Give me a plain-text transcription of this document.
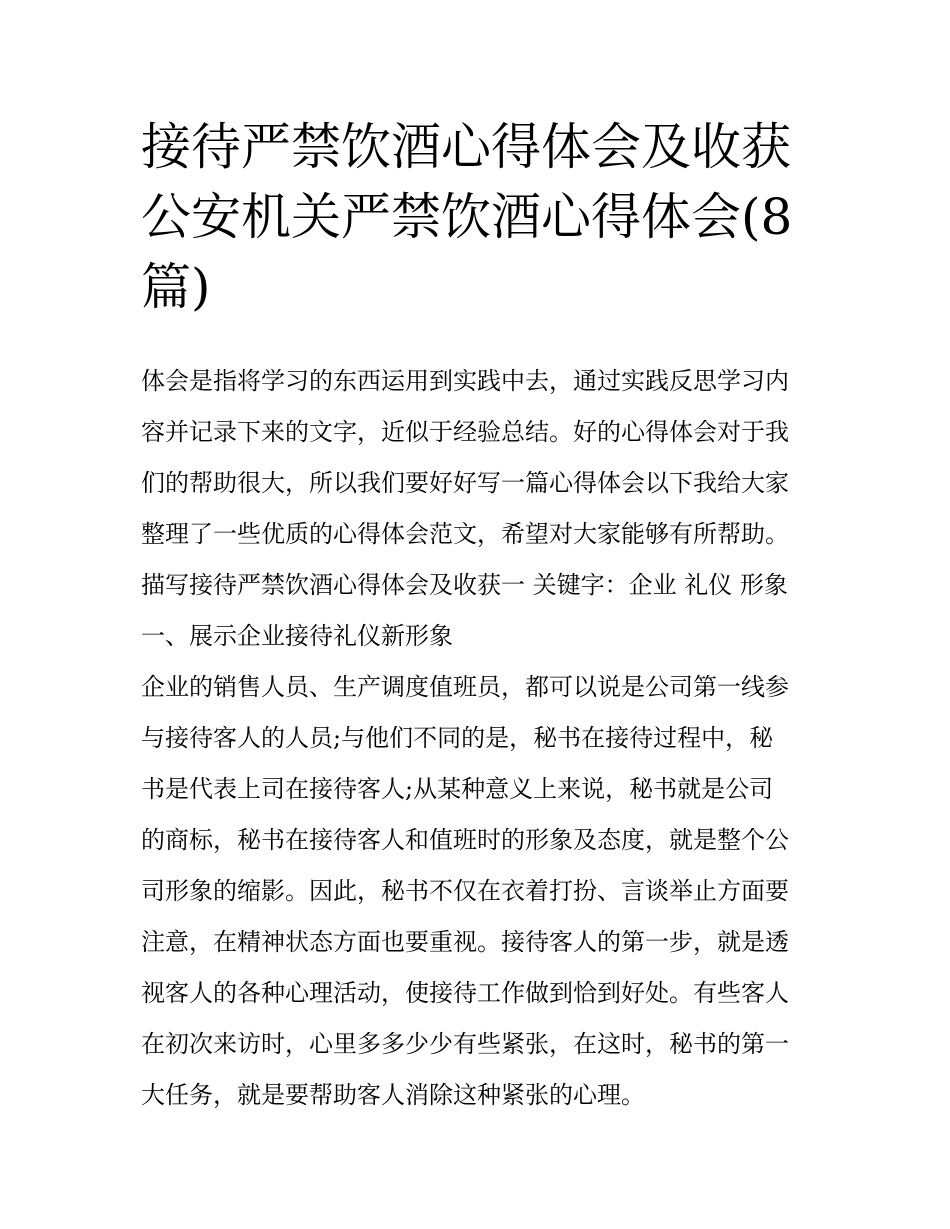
接待严禁饮酒心得体会及收获
公安机关严禁饮酒心得体会(8
篇)
体会是指将学习的东西运用到实践中去，通过实践反思学习内
容并记录下来的文字，近似于经验总结。好的心得体会对于我
们的帮助很大，所以我们要好好写一篇心得体会以下我给大家
整理了一些优质的心得体会范文，希望对大家能够有所帮助。
描写接待严禁饮酒心得体会及收获一 关键字：企业 礼仪 形象
一、展示企业接待礼仪新形象
企业的销售人员、生产调度值班员，都可以说是公司第一线参
与接待客人的人员;与他们不同的是，秘书在接待过程中，秘
书是代表上司在接待客人;从某种意义上来说，秘书就是公司
的商标，秘书在接待客人和值班时的形象及态度，就是整个公
司形象的缩影。因此，秘书不仅在衣着打扮、言谈举止方面要
注意，在精神状态方面也要重视。接待客人的第一步，就是透
视客人的各种心理活动，使接待工作做到恰到好处。有些客人
在初次来访时，心里多多少少有些紧张，在这时，秘书的第一
大任务，就是要帮助客人消除这种紧张的心理。
